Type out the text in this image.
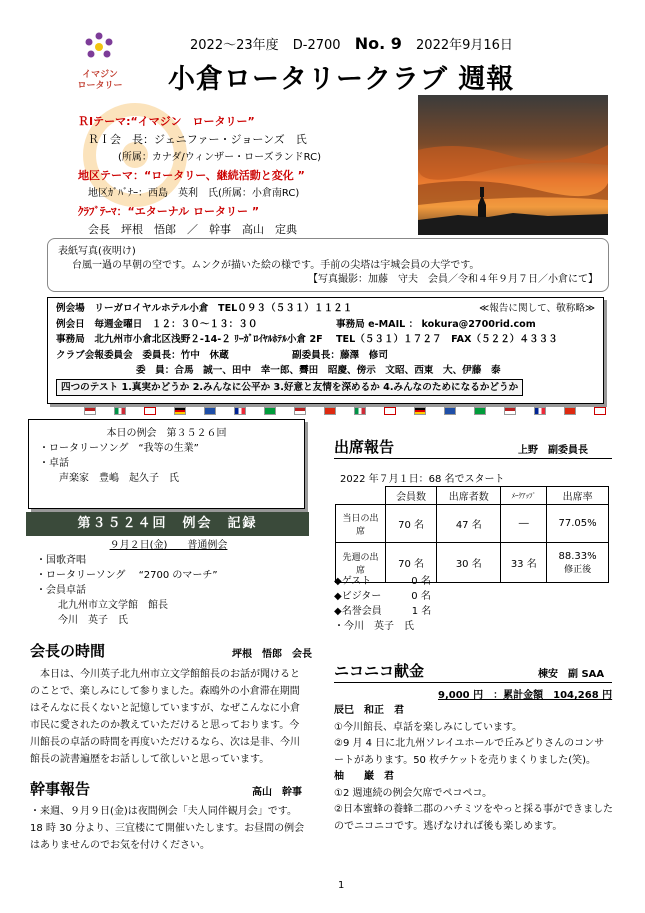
イマジン
ロータリー
2022～23年度 D-2700 No. 9 2022年9月16日
小倉ロータリークラブ 週報
ＲIテーマ:“イマジン　ロータリー”
ＲＩ会　長：ジェニファー・ジョーンズ　氏
(所属：カナダ/ウィンザー・ローズランドRC)
地区テーマ：“ロータリー、継続活動と変化 ”
地区ｶﾞﾊﾞﾅｰ：西島　英利　氏(所属：小倉南RC)
ｸﾗﾌﾞﾃｰﾏ：“エターナル ロータリー ”
会長　坪根　悟郎　／　幹事　高山　定典
表紙写真(夜明け)
台風一過の早朝の空です。ムンクが描いた絵の様です。手前の尖塔は宇城会員の大学です。
【写真撮影：加藤　守夫　会員／令和４年９月７日／小倉にて】
例会場　リーガロイヤルホテル小倉　TEL０９３（５３１）１１２１	≪報告に関して、敬称略≫
例会日　毎週金曜日　１２：３０～１３：３０	事務局 e-MAIL ： kokura@2700rid.com
事務局　北九州市小倉北区浅野２-14-２ ﾘｰｶﾞﾛｲﾔﾙﾎﾃﾙ小倉 2F TEL（５３１）１７２７　FAX（５２２）４３３３
クラブ会報委員会　委員長：竹中　休蔵	副委員長：藤澤　修司
委　員：合馬　誠一、田中　幸一郎、霽田　昭慶、傍示　文昭、西東　大、伊藤　泰
四つのテスト 1.真実かどうか 2.みんなに公平か 3.好意と友情を深めるか 4.みんなのためになるかどうか
本日の例会　第３５２６回
・ロータリーソング　“我等の生業”
・卓話
声楽家　豊嶋　起久子　氏
第３５２４回　例会　記録
９月２日(金)　　普通例会
・国歌斉唱
・ロータリーソング　 “2700 のマーチ”
・会員卓話
北九州市立文学館　館長
今川　英子　氏
会長の時間	坪根　悟郎　会長
本日は、今川英子北九州市立文学館館長のお話が聞けるとのことで、楽しみにして参りました。森鴎外の小倉滞在期間はそんなに長くないと記憶していますが、なぜこんなに小倉市民に愛されたのか教えていただけると思っております。今川館長の卓話の時間を再度いただけるなら、次は是非、今川館長の読書遍歴をお話しして欲しいと思っています。
幹事報告	高山　幹事
・来週、９月９日(金)は夜間例会「夫人同伴観月会」です。18 時 30 分より、三宜楼にて開催いたします。お昼間の例会はありませんのでお気を付けください。
出席報告	上野　副委員長
2022 年７月１日：68 名でスタート
	会員数	出席者数	ﾒｰｸｱｯﾌﾟ	出席率
当日の出席	70 名	47 名	―	77.05%
先週の出席	70 名	30 名	33 名	88.33%
修正後
◆ゲスト　　　　0 名
◆ビジター　　　0 名
◆名誉会員　　　1 名
・今川　英子　氏
ニコニコ献金	棟安　副 SAA
9,000 円　：累計金額　104,268 円
辰巳　和正　君
①今川館長、卓話を楽しみにしています。
②9 月 4 日に北九州ソレイユホールで丘みどりさんのコンサートがあります。50 枚チケットを売りまくりました(笑)。
柚　　巌　君
①2 週連続の例会欠席でペコペコ。
②日本蜜蜂の養蜂二郡のハチミツをやっと採る事ができましたのでニコニコです。逃げなければ後も楽しめます。
1
